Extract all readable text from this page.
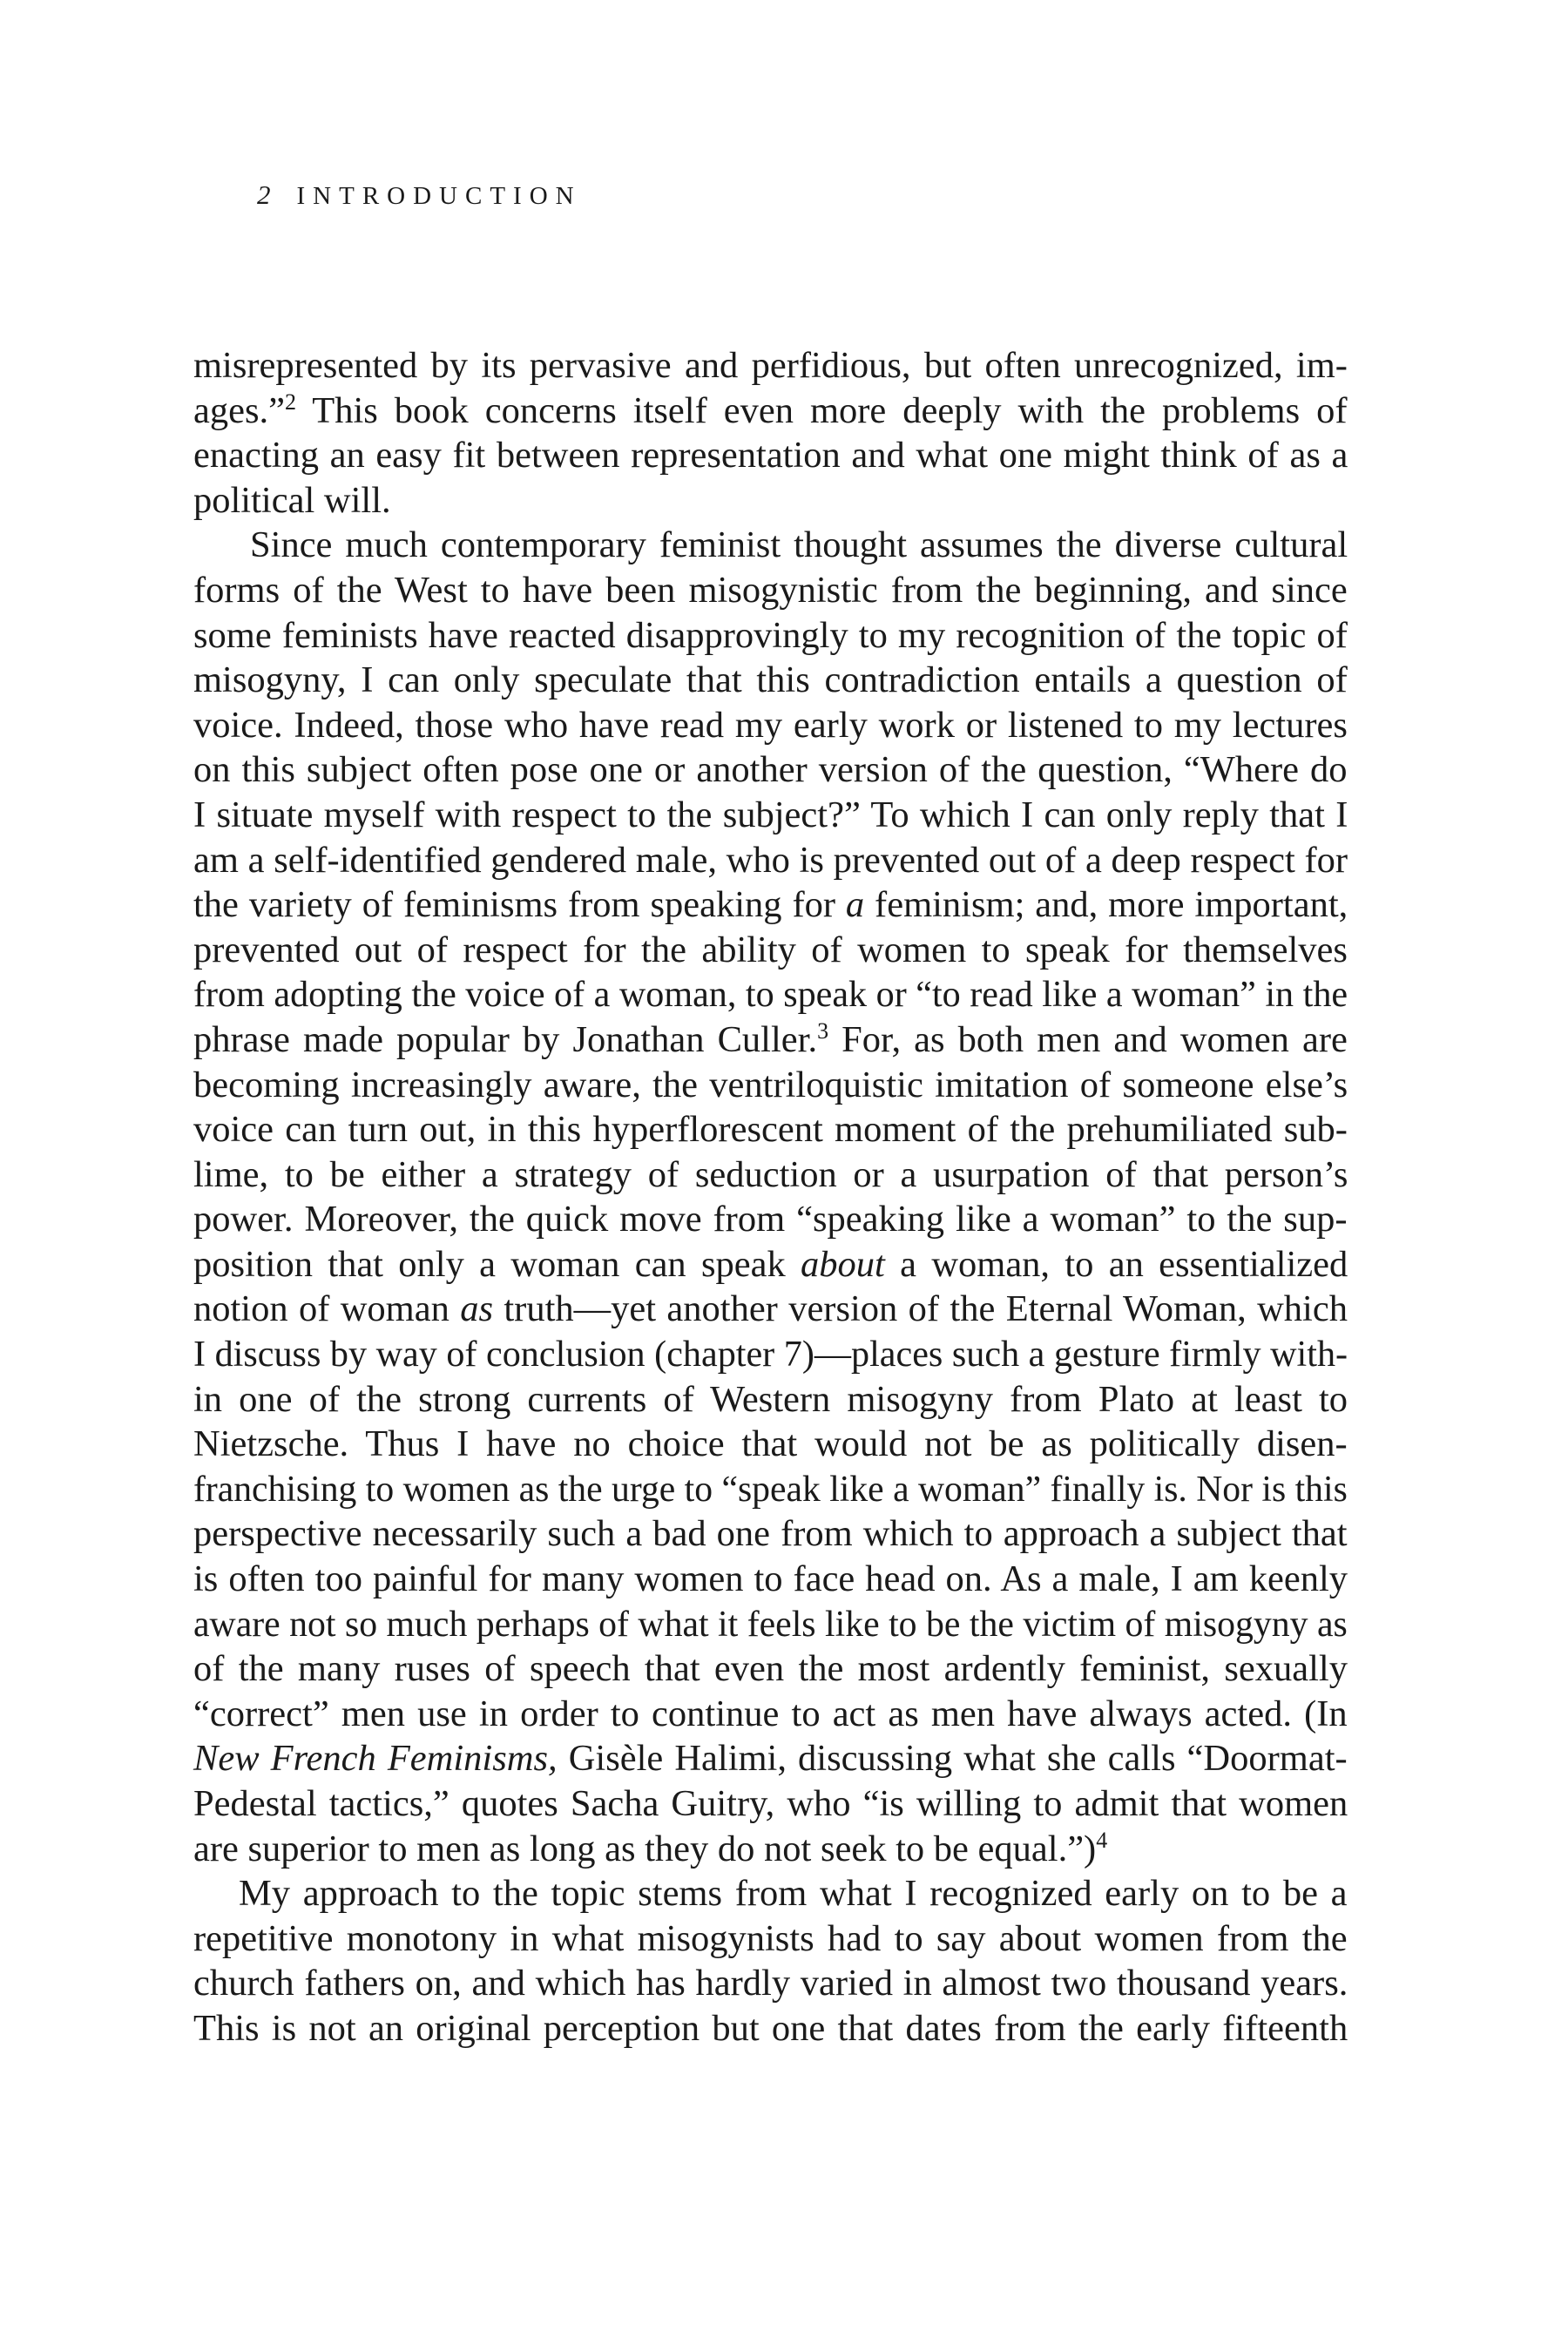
2 INTRODUCTION
misrepresented by its pervasive and perfidious, but often unrecognized, im-
ages.”$^2$ This book concerns itself even more deeply with the problems of
enacting an easy fit between representation and what one might think of as a
political will.
Since much contemporary feminist thought assumes the diverse cultural
forms of the West to have been misogynistic from the beginning, and since
some feminists have reacted disapprovingly to my recognition of the topic of
misogyny, I can only speculate that this contradiction entails a question of
voice. Indeed, those who have read my early work or listened to my lectures
on this subject often pose one or another version of the question, “Where do
I situate myself with respect to the subject?” To which I can only reply that I
am a self-identified gendered male, who is prevented out of a deep respect for
the variety of feminisms from speaking for a feminism; and, more important,
prevented out of respect for the ability of women to speak for themselves
from adopting the voice of a woman, to speak or “to read like a woman” in the
phrase made popular by Jonathan Culler.$^3$ For, as both men and women are
becoming increasingly aware, the ventriloquistic imitation of someone else’s
voice can turn out, in this hyperflorescent moment of the prehumiliated sub-
lime, to be either a strategy of seduction or a usurpation of that person’s
power. Moreover, the quick move from “speaking like a woman” to the sup-
position that only a woman can speak about a woman, to an essentialized
notion of woman as truth—yet another version of the Eternal Woman, which
I discuss by way of conclusion (chapter 7)—places such a gesture firmly with-
in one of the strong currents of Western misogyny from Plato at least to
Nietzsche. Thus I have no choice that would not be as politically disen-
franchising to women as the urge to “speak like a woman” finally is. Nor is this
perspective necessarily such a bad one from which to approach a subject that
is often too painful for many women to face head on. As a male, I am keenly
aware not so much perhaps of what it feels like to be the victim of misogyny as
of the many ruses of speech that even the most ardently feminist, sexually
“correct” men use in order to continue to act as men have always acted. (In
New French Feminisms, Gisèle Halimi, discussing what she calls “Doormat-
Pedestal tactics,” quotes Sacha Guitry, who “is willing to admit that women
are superior to men as long as they do not seek to be equal.”)$^4$
My approach to the topic stems from what I recognized early on to be a
repetitive monotony in what misogynists had to say about women from the
church fathers on, and which has hardly varied in almost two thousand years.
This is not an original perception but one that dates from the early fifteenth
